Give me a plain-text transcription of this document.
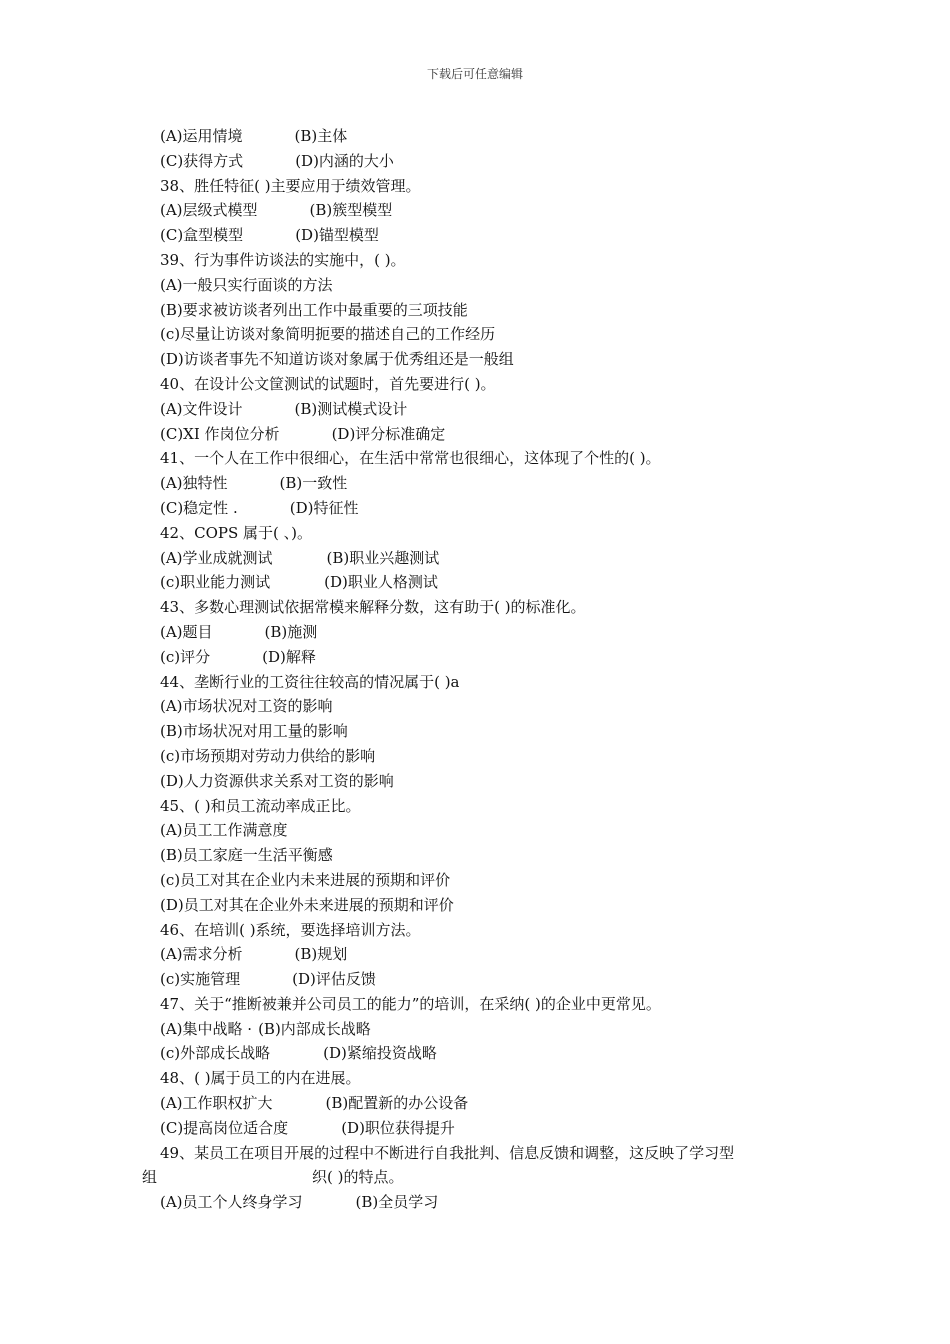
下载后可任意编辑
(A)运用情境	(B)主体
(C)获得方式	(D)内涵的大小
38、胜任特征( )主要应用于绩效管理。
(A)层级式模型	(B)簇型模型
(C)盒型模型	(D)锚型模型
39、行为事件访谈法的实施中，( )。
(A)一般只实行面谈的方法
(B)要求被访谈者列出工作中最重要的三项技能
(c)尽量让访谈对象简明扼要的描述自己的工作经历
(D)访谈者事先不知道访谈对象属于优秀组还是一般组
40、在设计公文筐测试的试题时，首先要进行( )。
(A)文件设计	(B)测试模式设计
(C)XI 作岗位分析	(D)评分标准确定
41、一个人在工作中很细心，在生活中常常也很细心，这体现了个性的( )。
(A)独特性	(B)一致性
(C)稳定性 .	(D)特征性
42、COPS 属于( 、)。
(A)学业成就测试	(B)职业兴趣测试
(c)职业能力测试	(D)职业人格测试
43、多数心理测试依据常模来解释分数，这有助于( )的标准化。
(A)题目	(B)施测
(c)评分	(D)解释
44、垄断行业的工资往往较高的情况属于( )a
(A)市场状况对工资的影响
(B)市场状况对用工量的影响
(c)市场预期对劳动力供给的影响
(D)人力资源供求关系对工资的影响
45、( )和员工流动率成正比。
(A)员工工作满意度
(B)员工家庭一生活平衡感
(c)员工对其在企业内未来进展的预期和评价
(D)员工对其在企业外未来进展的预期和评价
46、在培训( )系统，要选择培训方法。
(A)需求分析	(B)规划
(c)实施管理	(D)评估反馈
47、关于“推断被兼并公司员工的能力”的培训，在采纳( )的企业中更常见。
(A)集中战略 · (B)内部成长战略
(c)外部成长战略	(D)紧缩投资战略
48、( )属于员工的内在进展。
(A)工作职权扩大	(B)配置新的办公设备
(C)提高岗位适合度	(D)职位获得提升
49、某员工在项目开展的过程中不断进行自我批判、信息反馈和调整，这反映了学习型
组	织( )的特点。
(A)员工个人终身学习	(B)全员学习
